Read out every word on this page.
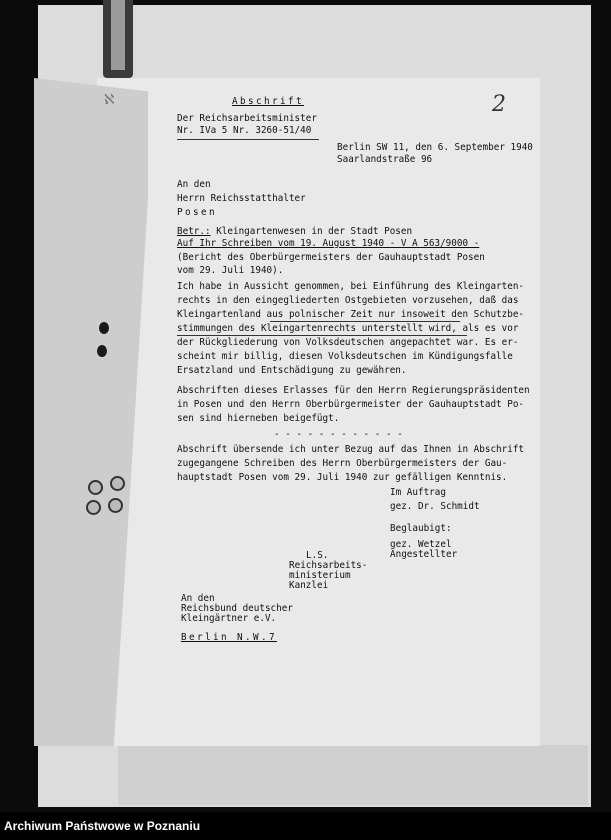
ℵ	Abschrift	2

Der Reichsarbeitsminister

Nr. IVa 5 Nr. 3260-51/40

Berlin SW 11, den 6. September 1940

Saarlandstraße 96

An den

Herrn Reichsstatthalter

Posen

Betr.: Kleingartenwesen in der Stadt Posen

Auf Ihr Schreiben vom 19. August 1940 - V A 563/9000 -

(Bericht des Oberbürgermeisters der Gauhauptstadt Posen

vom 29. Juli 1940).

Ich habe in Aussicht genommen, bei Einführung des Kleingarten-

rechts in den eingegliederten Ostgebieten vorzusehen, daß das

Kleingartenland aus polnischer Zeit nur insoweit den Schutzbe-

stimmungen des Kleingartenrechts unterstellt wird, als es vor

der Rückgliederung von Volksdeutschen angepachtet war. Es er-

scheint mir billig, diesen Volksdeutschen im Kündigungsfalle

Ersatzland und Entschädigung zu gewähren.

Abschriften dieses Erlasses für den Herrn Regierungspräsidenten

in Posen und den Herrn Oberbürgermeister der Gauhauptstadt Po-

sen sind hierneben beigefügt.

- - - - - - - - - - - -

Abschrift übersende ich unter Bezug auf das Ihnen in Abschrift

zugegangene Schreiben des Herrn Oberbürgermeisters der Gau-

hauptstadt Posen vom 29. Juli 1940 zur gefälligen Kenntnis.

Im Auftrag

gez. Dr. Schmidt

Beglaubigt:

gez. Wetzel

Angestellter

L.S.

Reichsarbeits-

ministerium

Kanzlei

An den

Reichsbund deutscher

Kleingärtner e.V.

Berlin N.W.7

Archiwum Państwowe w Poznaniu
